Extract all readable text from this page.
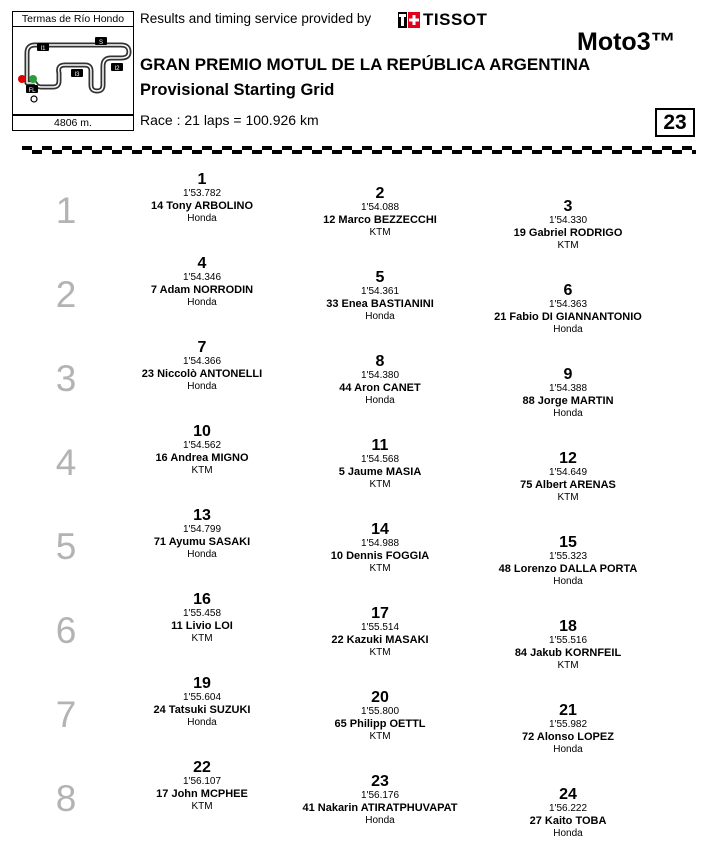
Termas de Río Hondo
I1
S
I2
I3
FL
4806 m.
Results and timing service provided by	TISSOT
Moto3™
GRAN PREMIO MOTUL DE LA REPÚBLICA ARGENTINA
Provisional Starting Grid
Race : 21 laps = 100.926 km	23
1
2
3
4
5
6
7
8
1
1'53.782
14 Tony ARBOLINO
Honda
2
1'54.088
12 Marco BEZZECCHI
KTM
3
1'54.330
19 Gabriel RODRIGO
KTM
4
1'54.346
7 Adam NORRODIN
Honda
5
1'54.361
33 Enea BASTIANINI
Honda
6
1'54.363
21 Fabio DI GIANNANTONIO
Honda
7
1'54.366
23 Niccolò ANTONELLI
Honda
8
1'54.380
44 Aron CANET
Honda
9
1'54.388
88 Jorge MARTIN
Honda
10
1'54.562
16 Andrea MIGNO
KTM
11
1'54.568
5 Jaume MASIA
KTM
12
1'54.649
75 Albert ARENAS
KTM
13
1'54.799
71 Ayumu SASAKI
Honda
14
1'54.988
10 Dennis FOGGIA
KTM
15
1'55.323
48 Lorenzo DALLA PORTA
Honda
16
1'55.458
11 Livio LOI
KTM
17
1'55.514
22 Kazuki MASAKI
KTM
18
1'55.516
84 Jakub KORNFEIL
KTM
19
1'55.604
24 Tatsuki SUZUKI
Honda
20
1'55.800
65 Philipp OETTL
KTM
21
1'55.982
72 Alonso LOPEZ
Honda
22
1'56.107
17 John MCPHEE
KTM
23
1'56.176
41 Nakarin ATIRATPHUVAPAT
Honda
24
1'56.222
27 Kaito TOBA
Honda
